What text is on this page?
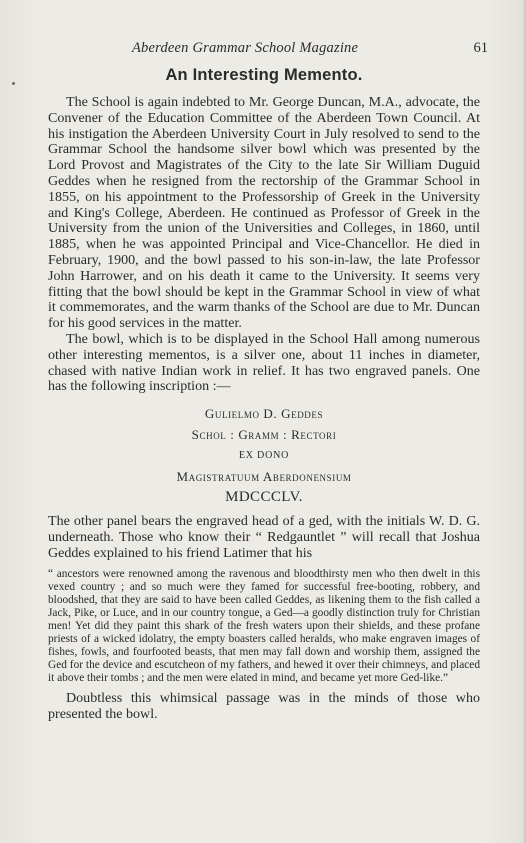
Aberdeen Grammar School Magazine	61
An Interesting Memento.

The School is again indebted to Mr. George Duncan, M.A., advocate, the Convener of the Education Committee of the Aberdeen Town Council. At his instigation the Aberdeen University Court in July resolved to send to the Grammar School the handsome silver bowl which was presented by the Lord Provost and Magistrates of the City to the late Sir William Duguid Geddes when he resigned from the rectorship of the Grammar School in 1855, on his appointment to the Professorship of Greek in the University and King's College, Aberdeen. He continued as Professor of Greek in the University from the union of the Universities and Colleges, in 1860, until 1885, when he was appointed Principal and Vice-Chancellor. He died in February, 1900, and the bowl passed to his son-in-law, the late Professor John Harrower, and on his death it came to the University. It seems very fitting that the bowl should be kept in the Grammar School in view of what it commemorates, and the warm thanks of the School are due to Mr. Duncan for his good services in the matter.

The bowl, which is to be displayed in the School Hall among numerous other interesting mementos, is a silver one, about 11 inches in diameter, chased with native Indian work in relief. It has two engraved panels. One has the following inscription :—

Gulielmo D. Geddes
Schol : Gramm : Rectori
EX DONO
Magistratuum Aberdonensium
MDCCCLV.

The other panel bears the engraved head of a ged, with the initials W. D. G. underneath. Those who know their “ Redgauntlet ” will recall that Joshua Geddes explained to his friend Latimer that his

“ ancestors were renowned among the ravenous and bloodthirsty men who then dwelt in this vexed country ; and so much were they famed for successful free-booting, robbery, and bloodshed, that they are said to have been called Geddes, as likening them to the fish called a Jack, Pike, or Luce, and in our country tongue, a Ged—a goodly distinction truly for Christian men! Yet did they paint this shark of the fresh waters upon their shields, and these profane priests of a wicked idolatry, the empty boasters called heralds, who make engraven images of fishes, fowls, and fourfooted beasts, that men may fall down and worship them, assigned the Ged for the device and escutcheon of my fathers, and hewed it over their chimneys, and placed it above their tombs ; and the men were elated in mind, and became yet more Ged-like.”

Doubtless this whimsical passage was in the minds of those who presented the bowl.
